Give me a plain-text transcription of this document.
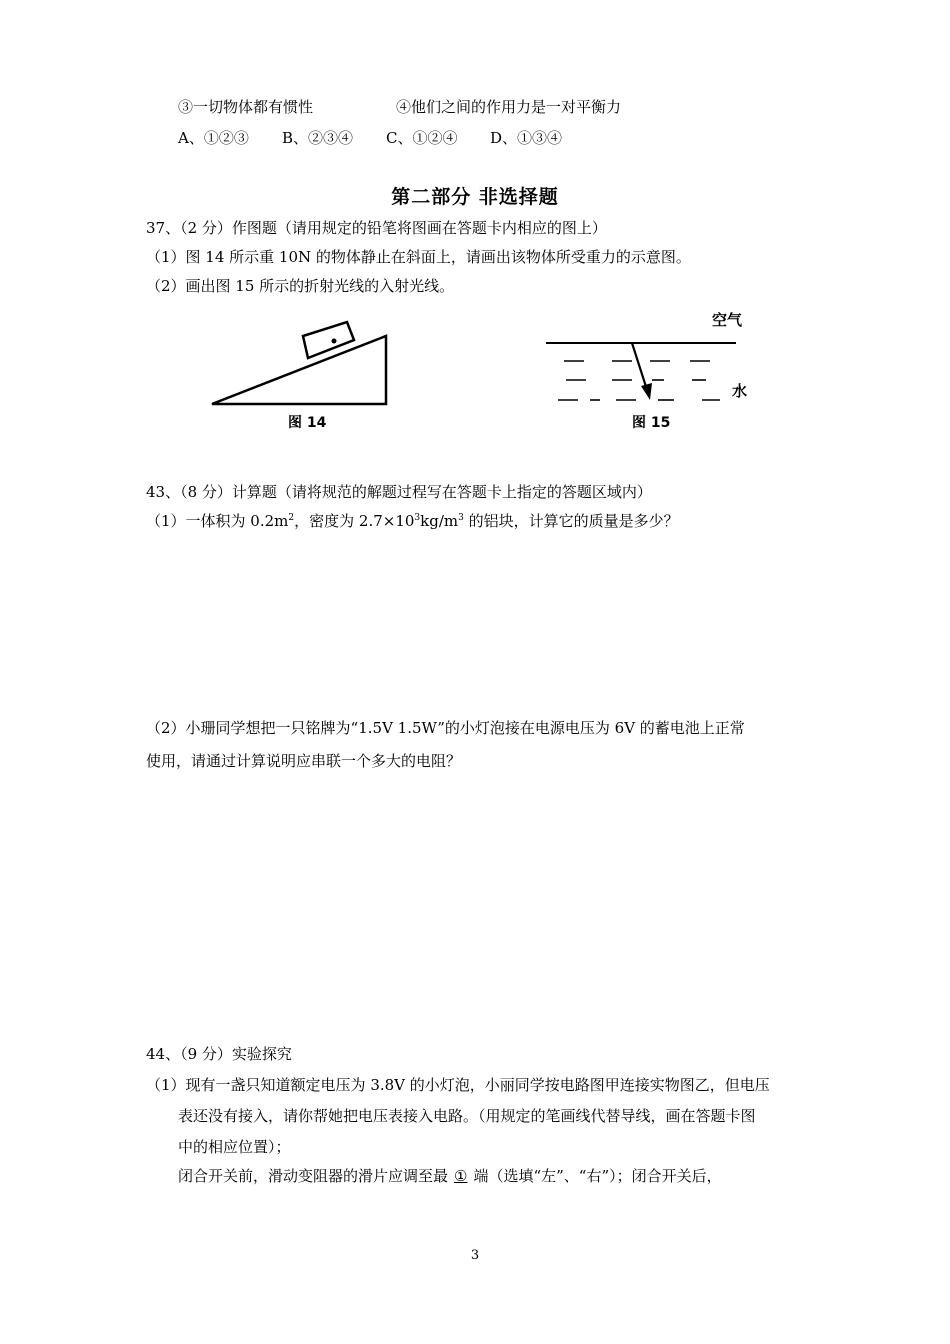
③一切物体都有惯性	④他们之间的作用力是一对平衡力
A、①②③ B、②③④ C、①②④ D、①③④
第二部分 非选择题
37、（2 分）作图题（请用规定的铅笔将图画在答题卡内相应的图上）
（1）图 14 所示重 10N 的物体静止在斜面上，请画出该物体所受重力的示意图。
（2）画出图 15 所示的折射光线的入射光线。
图 14
空气
水
图 15
43、（8 分）计算题（请将规范的解题过程写在答题卡上指定的答题区域内）
（1）一体积为 $0.2m^2$，密度为 $2.7\times 10^3kg/m^3$ 的铝块，计算它的质量是多少？
（2）小珊同学想把一只铭牌为“1.5V 1.5W”的小灯泡接在电源电压为 6V 的蓄电池上正常
使用，请通过计算说明应串联一个多大的电阻？
44、（9 分）实验探究
（1）现有一盏只知道额定电压为 3.8V 的小灯泡，小丽同学按电路图甲连接实物图乙，但电压
表还没有接入，请你帮她把电压表接入电路。（用规定的笔画线代替导线，画在答题卡图
中的相应位置）；
闭合开关前，滑动变阻器的滑片应调至最 ① 端（选填“左”、“右”）；闭合开关后，
3
